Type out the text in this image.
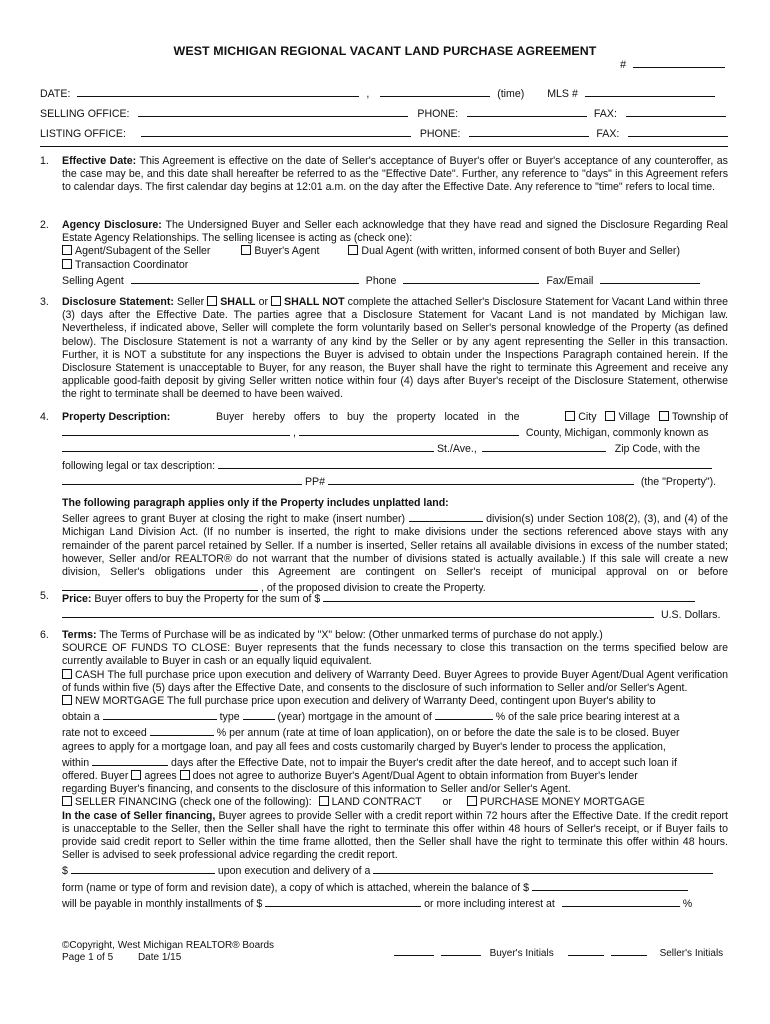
WEST MICHIGAN REGIONAL VACANT LAND PURCHASE AGREEMENT
#
DATE:	,	(time) MLS #
SELLING OFFICE:	PHONE:	FAX:
LISTING OFFICE:	PHONE:	FAX:
1.	Effective Date: This Agreement is effective on the date of Seller's acceptance of Buyer's offer or Buyer's acceptance of any counteroffer, as the case may be, and this date shall hereafter be referred to as the "Effective Date". Further, any reference to "days" in this Agreement refers to calendar days. The first calendar day begins at 12:01 a.m. on the day after the Effective Date. Any reference to "time" refers to local time.
2.	Agency Disclosure: The Undersigned Buyer and Seller each acknowledge that they have read and signed the Disclosure Regarding Real Estate Agency Relationships. The selling licensee is acting as (check one):
Agent/Subagent of the Seller	Buyer's Agent	Dual Agent (with written, informed consent of both Buyer and Seller)
Transaction Coordinator
Selling Agent	Phone	Fax/Email
3.	Disclosure Statement: Seller SHALL or SHALL NOT complete the attached Seller's Disclosure Statement for Vacant Land within three (3) days after the Effective Date. The parties agree that a Disclosure Statement for Vacant Land is not mandated by Michigan law. Nevertheless, if indicated above, Seller will complete the form voluntarily based on Seller's personal knowledge of the Property (as defined below). The Disclosure Statement is not a warranty of any kind by the Seller or by any agent representing the Seller in this transaction. Further, it is NOT a substitute for any inspections the Buyer is advised to obtain under the Inspections Paragraph contained herein. If the Disclosure Statement is unacceptable to Buyer, for any reason, the Buyer shall have the right to terminate this Agreement and receive any applicable good-faith deposit by giving Seller written notice within four (4) days after Buyer's receipt of the Disclosure Statement, otherwise the right to terminate shall be deemed to have been waived.
4.	Property Description:	Buyer hereby offers to buy the property located in the	City Village Township of
,	County, Michigan, commonly known as
St./Ave.,	Zip Code, with the
following legal or tax description:
PP#	(the "Property").
The following paragraph applies only if the Property includes unplatted land:
Seller agrees to grant Buyer at closing the right to make (insert number)	division(s) under Section 108(2), (3), and (4) of the Michigan Land Division Act. (If no number is inserted, the right to make divisions under the sections referenced above stays with any remainder of the parent parcel retained by Seller. If a number is inserted, Seller retains all available divisions in excess of the number stated; however, Seller and/or REALTOR® do not warrant that the number of divisions stated is actually available.) If this sale will create a new division, Seller's obligations under this Agreement are contingent on Seller's receipt of municipal approval on or before  , of the proposed division to create the Property.
5.	Price: Buyer offers to buy the Property for the sum of $
U.S. Dollars.
6.	Terms: The Terms of Purchase will be as indicated by "X" below: (Other unmarked terms of purchase do not apply.)
SOURCE OF FUNDS TO CLOSE: Buyer represents that the funds necessary to close this transaction on the terms specified below are currently available to Buyer in cash or an equally liquid equivalent.
CASH The full purchase price upon execution and delivery of Warranty Deed. Buyer Agrees to provide Buyer Agent/Dual Agent verification of funds within five (5) days after the Effective Date, and consents to the disclosure of such information to Seller and/or Seller's Agent.
NEW MORTGAGE The full purchase price upon execution and delivery of Warranty Deed, contingent upon Buyer's ability to
obtain a	type	(year) mortgage in the amount of	% of the sale price bearing interest at a
rate not to exceed	% per annum (rate at time of loan application), on or before the date the sale is to be closed. Buyer
agrees to apply for a mortgage loan, and pay all fees and costs customarily charged by Buyer's lender to process the application,
within	days after the Effective Date, not to impair the Buyer's credit after the date hereof, and to accept such loan if
offered. Buyer agrees does not agree to authorize Buyer's Agent/Dual Agent to obtain information from Buyer's lender
regarding Buyer's financing, and consents to the disclosure of this information to Seller and/or Seller's Agent.
SELLER FINANCING (check one of the following): LAND CONTRACT or	PURCHASE MONEY MORTGAGE
In the case of Seller financing, Buyer agrees to provide Seller with a credit report within 72 hours after the Effective Date. If the credit report is unacceptable to the Seller, then the Seller shall have the right to terminate this offer within 48 hours of Seller's receipt, or if Buyer fails to provide said credit report to Seller within the time frame allotted, then the Seller shall have the right to terminate this offer within 48 hours. Seller is advised to seek professional advice regarding the credit report.
$	upon execution and delivery of a
form (name or type of form and revision date), a copy of which is attached, wherein the balance of $
will be payable in monthly installments of $	or more including interest at	%
©Copyright, West Michigan REALTOR® Boards
Page 1 of 5 Date 1/15	Buyer's Initials	Seller's Initials
